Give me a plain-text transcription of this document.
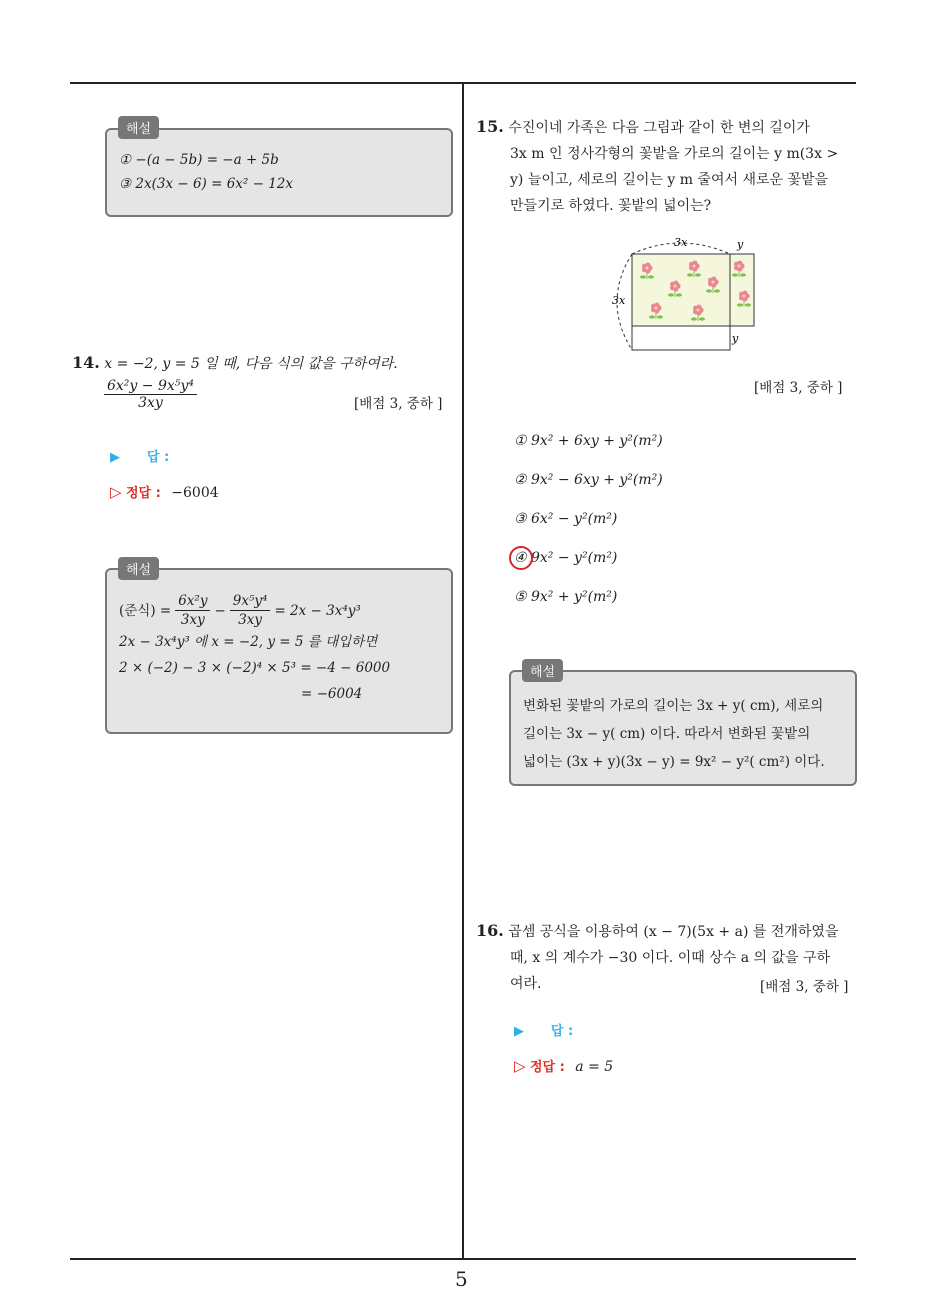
5
① −(a − 5b) = −a + 5b
③ 2x(3x − 6) = 6x² − 12x
해설
14. x = −2, y = 5 일 때, 다음 식의 값을 구하여라.
$\frac{\text{6x²y − 9x⁵y⁴}}{3xy}$	[배점 3, 중하 ]
▶ 답 :
▷ 정답 : −6004
(준식) = $\frac{\text{6x²y}}{3xy} - \frac{\text{9x⁵y⁴}}{3xy} = 2x - 3x^4y^3$
2x − 3x⁴y³ 에 x = −2, y = 5 를 대입하면
2 × (−2) − 3 × (−2)⁴ × 5³ = −4 − 6000
= −6004
해설
15. 수진이네 가족은 다음 그림과 같이 한 변의 길이가
3x m 인 정사각형의 꽃밭을 가로의 길이는 y m(3x >
y) 늘이고, 세로의 길이는 y m 줄여서 새로운 꽃밭을
만들기로 하였다. 꽃밭의 넓이는?
3x	y
3x
y
[배점 3, 중하 ]
① 9x² + 6xy + y²(m²)
② 9x² − 6xy + y²(m²)
③ 6x² − y²(m²)
④ 9x² − y²(m²)
⑤ 9x² + y²(m²)
변화된 꽃밭의 가로의 길이는 3x + y( cm), 세로의
길이는 3x − y( cm) 이다. 따라서 변화된 꽃밭의
넓이는 (3x + y)(3x − y) = 9x² − y²( cm²) 이다.
해설
16. 곱셈 공식을 이용하여 (x − 7)(5x + a) 를 전개하였을
때, x 의 계수가 −30 이다. 이때 상수 a 의 값을 구하
여라.	[배점 3, 중하 ]
▶ 답 :
▷ 정답 : a = 5
